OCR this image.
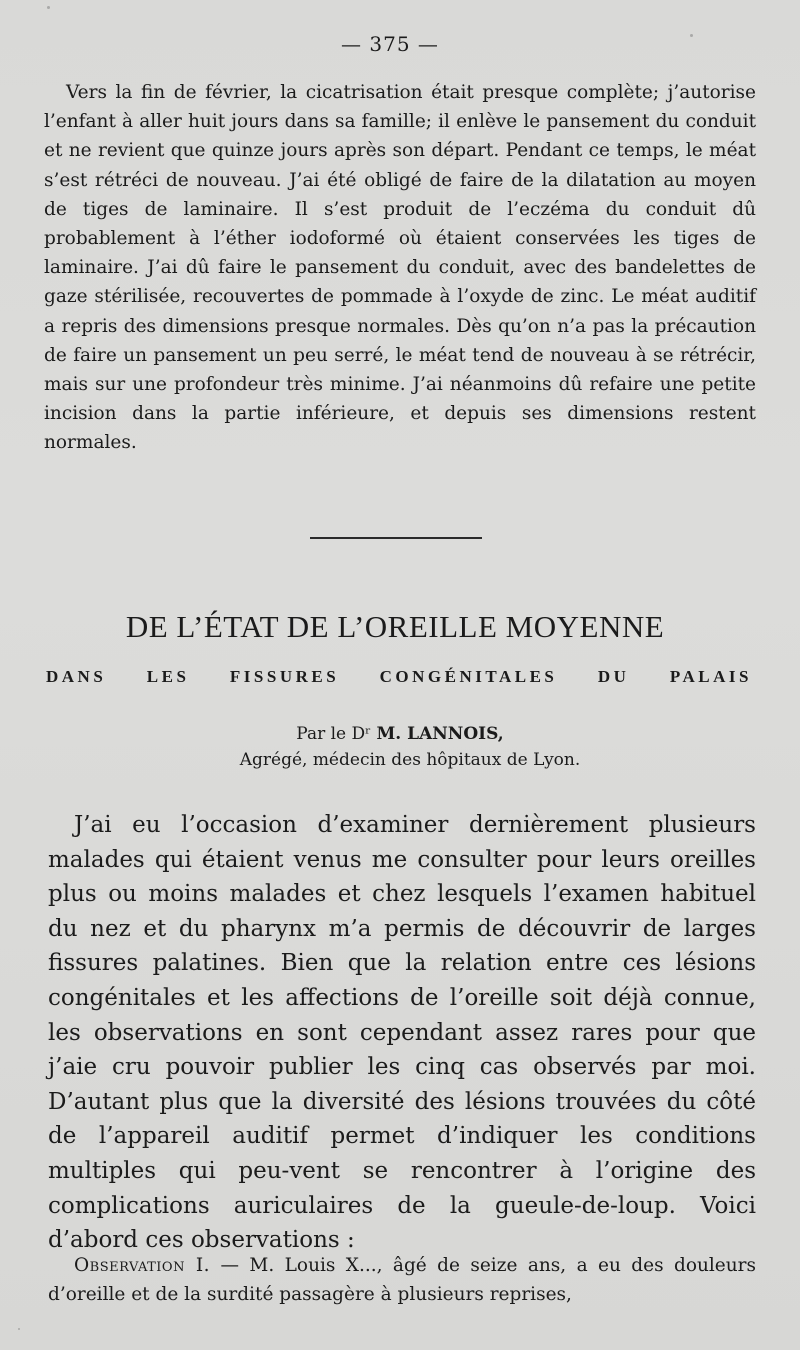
— 375 —

Vers la fin de février, la cicatrisation était presque complète; j’autorise l’enfant à aller huit jours dans sa famille; il enlève le pansement du conduit et ne revient que quinze jours après son départ. Pendant ce temps, le méat s’est rétréci de nouveau. J’ai été obligé de faire de la dilatation au moyen de tiges de laminaire. Il s’est produit de l’eczéma du conduit dû probablement à l’éther iodoformé où étaient conservées les tiges de laminaire. J’ai dû faire le pansement du conduit, avec des bandelettes de gaze stérilisée, recouvertes de pommade à l’oxyde de zinc. Le méat auditif a repris des dimensions presque normales. Dès qu’on n’a pas la précaution de faire un pansement un peu serré, le méat tend de nouveau à se rétrécir, mais sur une profondeur très minime. J’ai néanmoins dû refaire une petite incision dans la partie inférieure, et depuis ses dimensions restent normales.

DE L’ÉTAT DE L’OREILLE MOYENNE
DANS LES FISSURES CONGÉNITALES DU PALAIS
Par le Dʳ M. LANNOIS,
Agrégé, médecin des hôpitaux de Lyon.

J’ai eu l’occasion d’examiner dernièrement plusieurs malades qui étaient venus me consulter pour leurs oreilles plus ou moins malades et chez lesquels l’examen habituel du nez et du pharynx m’a permis de découvrir de larges fissures palatines. Bien que la relation entre ces lésions congénitales et les affections de l’oreille soit déjà connue, les observations en sont cependant assez rares pour que j’aie cru pouvoir publier les cinq cas observés par moi. D’autant plus que la diversité des lésions trouvées du côté de l’appareil auditif permet d’indiquer les conditions multiples qui peu-vent se rencontrer à l’origine des complications auriculaires de la gueule-de-loup. Voici d’abord ces observations :

Observation I. — M. Louis X..., âgé de seize ans, a eu des douleurs d’oreille et de la surdité passagère à plusieurs reprises,
